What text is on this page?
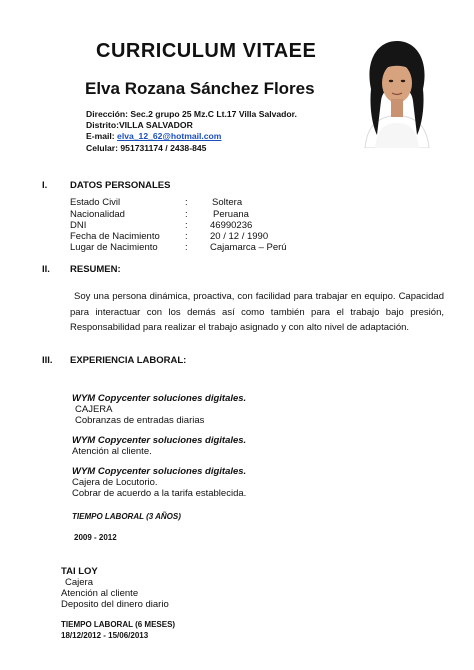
CURRICULUM VITAEE
Elva Rozana Sánchez Flores
Dirección: Sec.2 grupo 25 Mz.C Lt.17 Villa Salvador.
Distrito:VILLA SALVADOR
E-mail: elva_12_62@hotmail.com
Celular: 951731174 / 2438-845
I. DATOS PERSONALES
Estado Civil	:	Soltera
Nacionalidad	:	Peruana
DNI	: 46990236
Fecha de Nacimiento	: 20 / 12 / 1990
Lugar de Nacimiento	: Cajamarca – Perú
II. RESUMEN:

Soy una persona dinámica, proactiva, con facilidad para trabajar en equipo. Capacidad para interactuar con los demás así como también para el trabajo bajo presión, Responsabilidad para realizar el trabajo asignado y con alto nivel de adaptación.

III. EXPERIENCIA LABORAL:
WYM Copycenter soluciones digitales.
CAJERA
Cobranzas de entradas diarias
WYM Copycenter soluciones digitales.
Atención al cliente.
WYM Copycenter soluciones digitales.
Cajera de Locutorio.
Cobrar de acuerdo a la tarifa establecida.
TIEMPO LABORAL (3 AÑOS)
2009 - 2012
TAI LOY
Cajera
Atención al cliente
Deposito del dinero diario
TIEMPO LABORAL (6 MESES)
18/12/2012 - 15/06/2013
